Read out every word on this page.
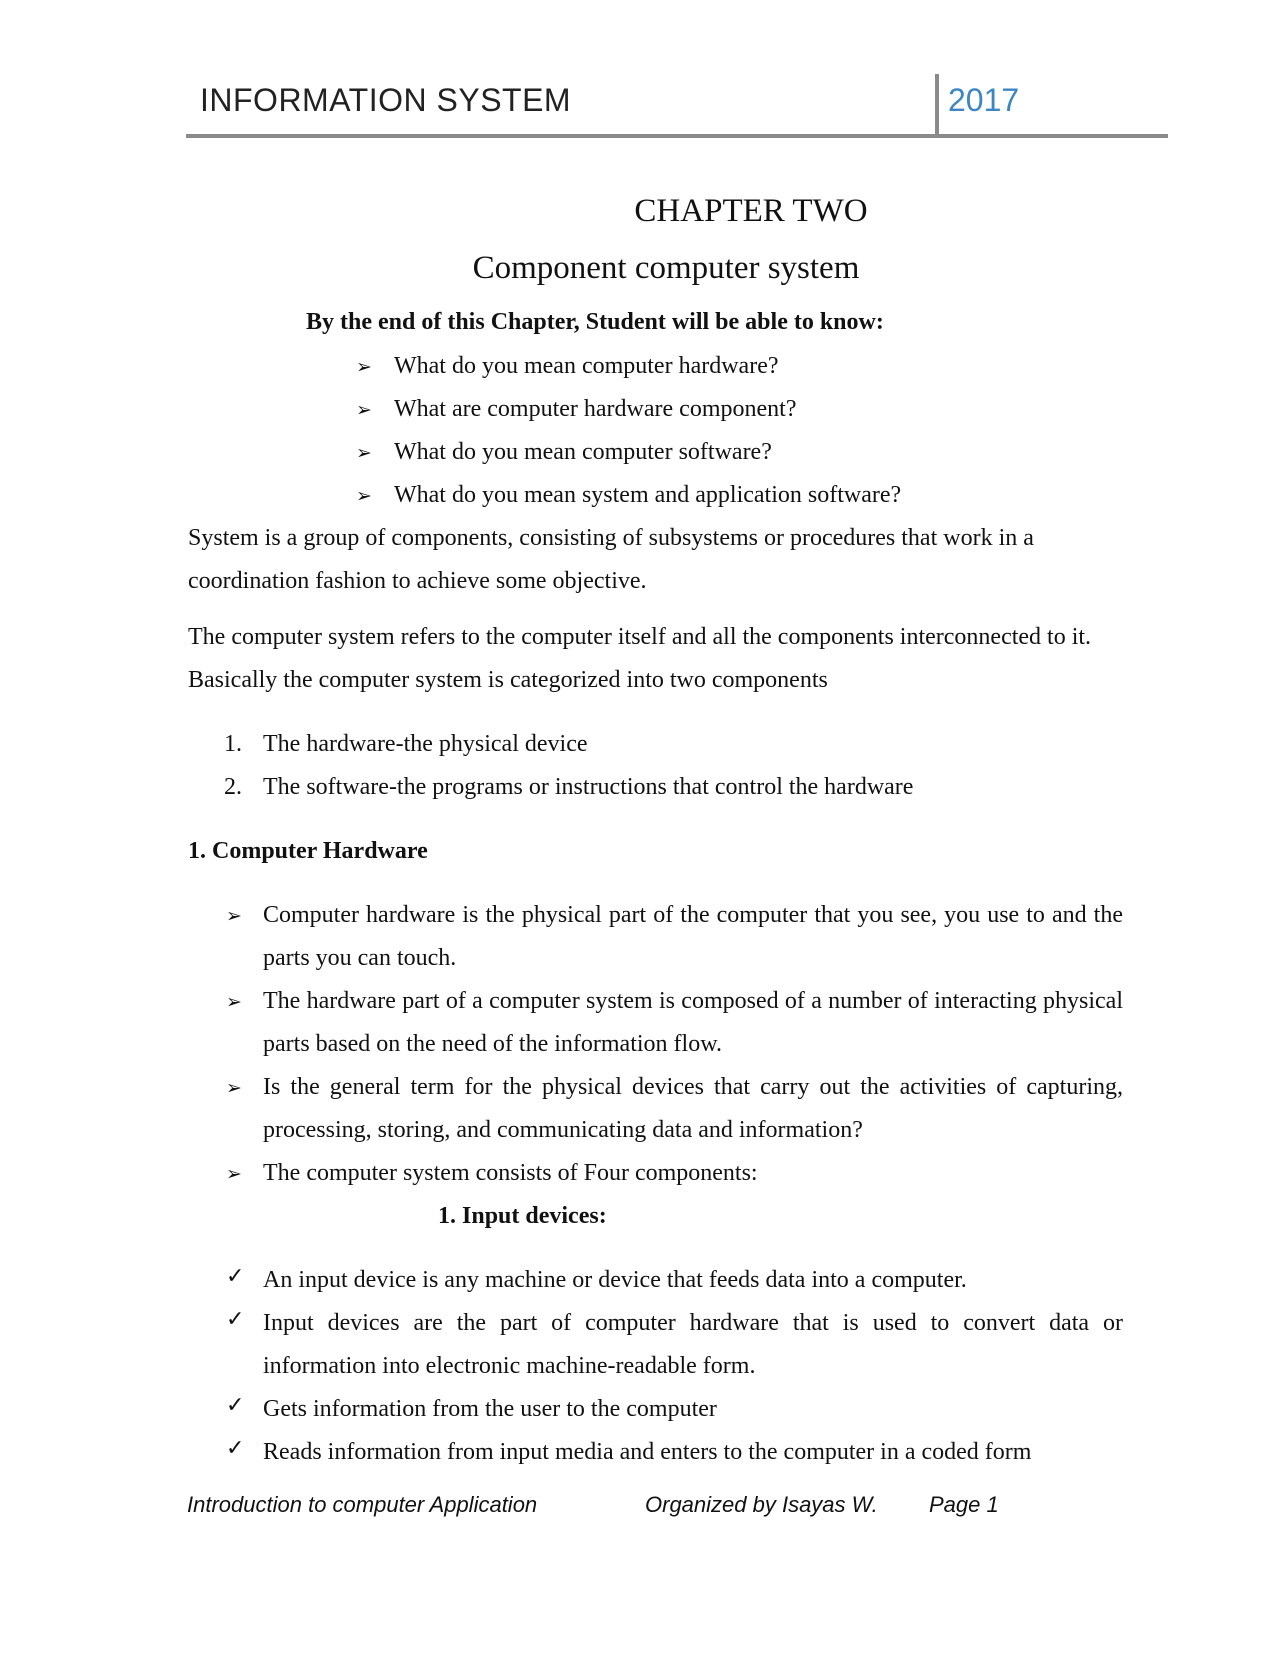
INFORMATION SYSTEM	2017
CHAPTER TWO
Component computer system
By the end of this Chapter, Student will be able to know:
➢ What do you mean computer hardware?
➢ What are computer hardware component?
➢ What do you mean computer software?
➢ What do you mean system and application software?
System is a group of components, consisting of subsystems or procedures that work in a
coordination fashion to achieve some objective.
The computer system refers to the computer itself and all the components interconnected to it.
Basically the computer system is categorized into two components
1. The hardware-the physical device
2. The software-the programs or instructions that control the hardware
1. Computer Hardware
➢ Computer hardware is the physical part of the computer that you see, you use to and the parts you can touch.
➢ The hardware part of a computer system is composed of a number of interacting physical parts based on the need of the information flow.
➢ Is the general term for the physical devices that carry out the activities of capturing, processing, storing, and communicating data and information?
➢ The computer system consists of Four components:
1. Input devices:
✓ An input device is any machine or device that feeds data into a computer.
✓ Input devices are the part of computer hardware that is used to convert data or information into electronic machine-readable form.
✓ Gets information from the user to the computer
✓ Reads information from input media and enters to the computer in a coded form
Introduction to computer Application	Organized by Isayas W. Page 1
